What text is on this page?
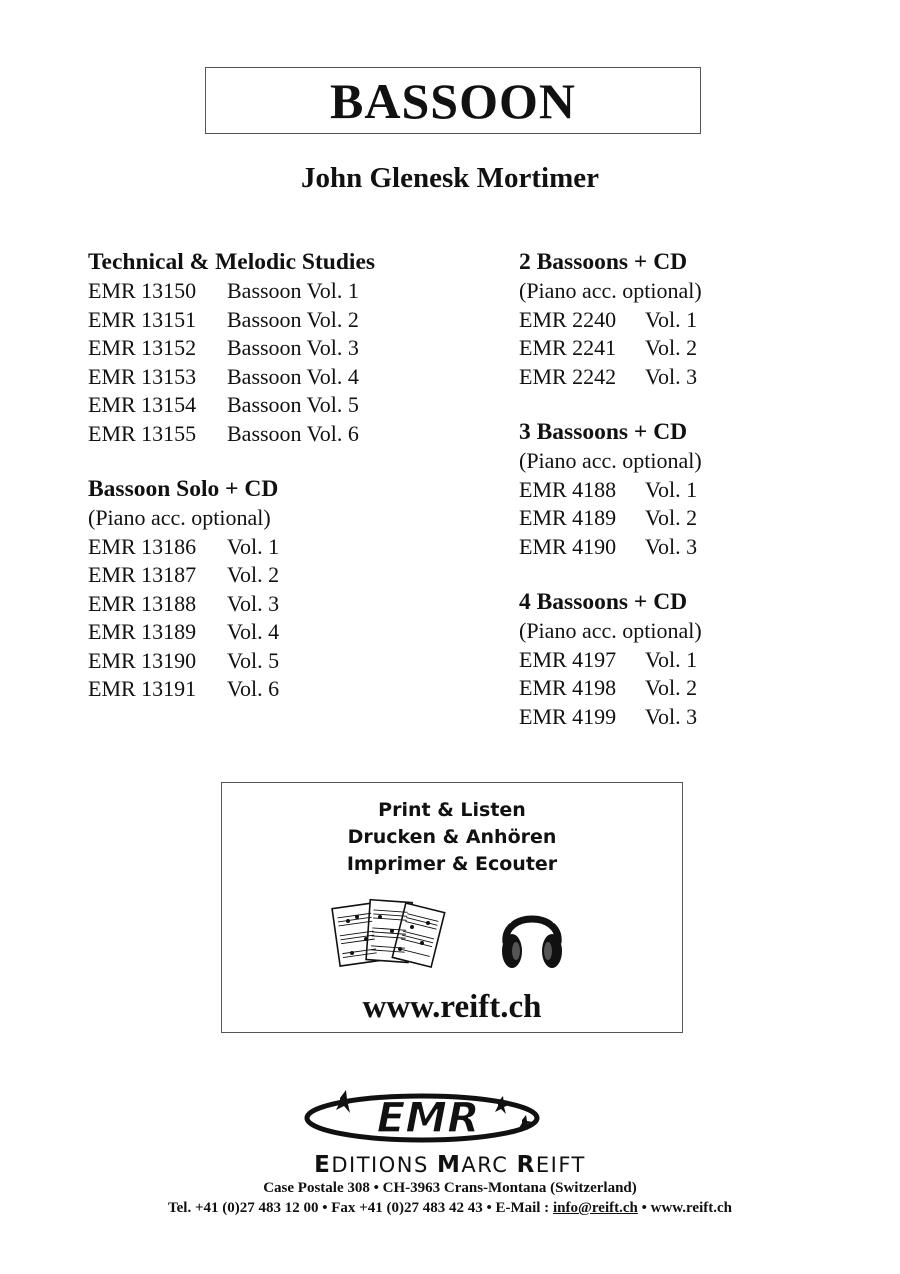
BASSOON
John Glenesk Mortimer
Technical & Melodic Studies
EMR 13150 Bassoon Vol. 1
EMR 13151 Bassoon Vol. 2
EMR 13152 Bassoon Vol. 3
EMR 13153 Bassoon Vol. 4
EMR 13154 Bassoon Vol. 5
EMR 13155 Bassoon Vol. 6
Bassoon Solo + CD
(Piano acc. optional)
EMR 13186 Vol. 1
EMR 13187 Vol. 2
EMR 13188 Vol. 3
EMR 13189 Vol. 4
EMR 13190 Vol. 5
EMR 13191 Vol. 6
2 Bassoons + CD
(Piano acc. optional)
EMR 2240 Vol. 1
EMR 2241 Vol. 2
EMR 2242 Vol. 3
3 Bassoons + CD
(Piano acc. optional)
EMR 4188 Vol. 1
EMR 4189 Vol. 2
EMR 4190 Vol. 3
4 Bassoons + CD
(Piano acc. optional)
EMR 4197 Vol. 1
EMR 4198 Vol. 2
EMR 4199 Vol. 3
Print & Listen
Drucken & Anhören
Imprimer & Ecouter
www.reift.ch
EMR
EDITIONS MARC REIFT
Case Postale 308 • CH-3963 Crans-Montana (Switzerland)
Tel. +41 (0)27 483 12 00 • Fax +41 (0)27 483 42 43 • E-Mail : info@reift.ch • www.reift.ch
